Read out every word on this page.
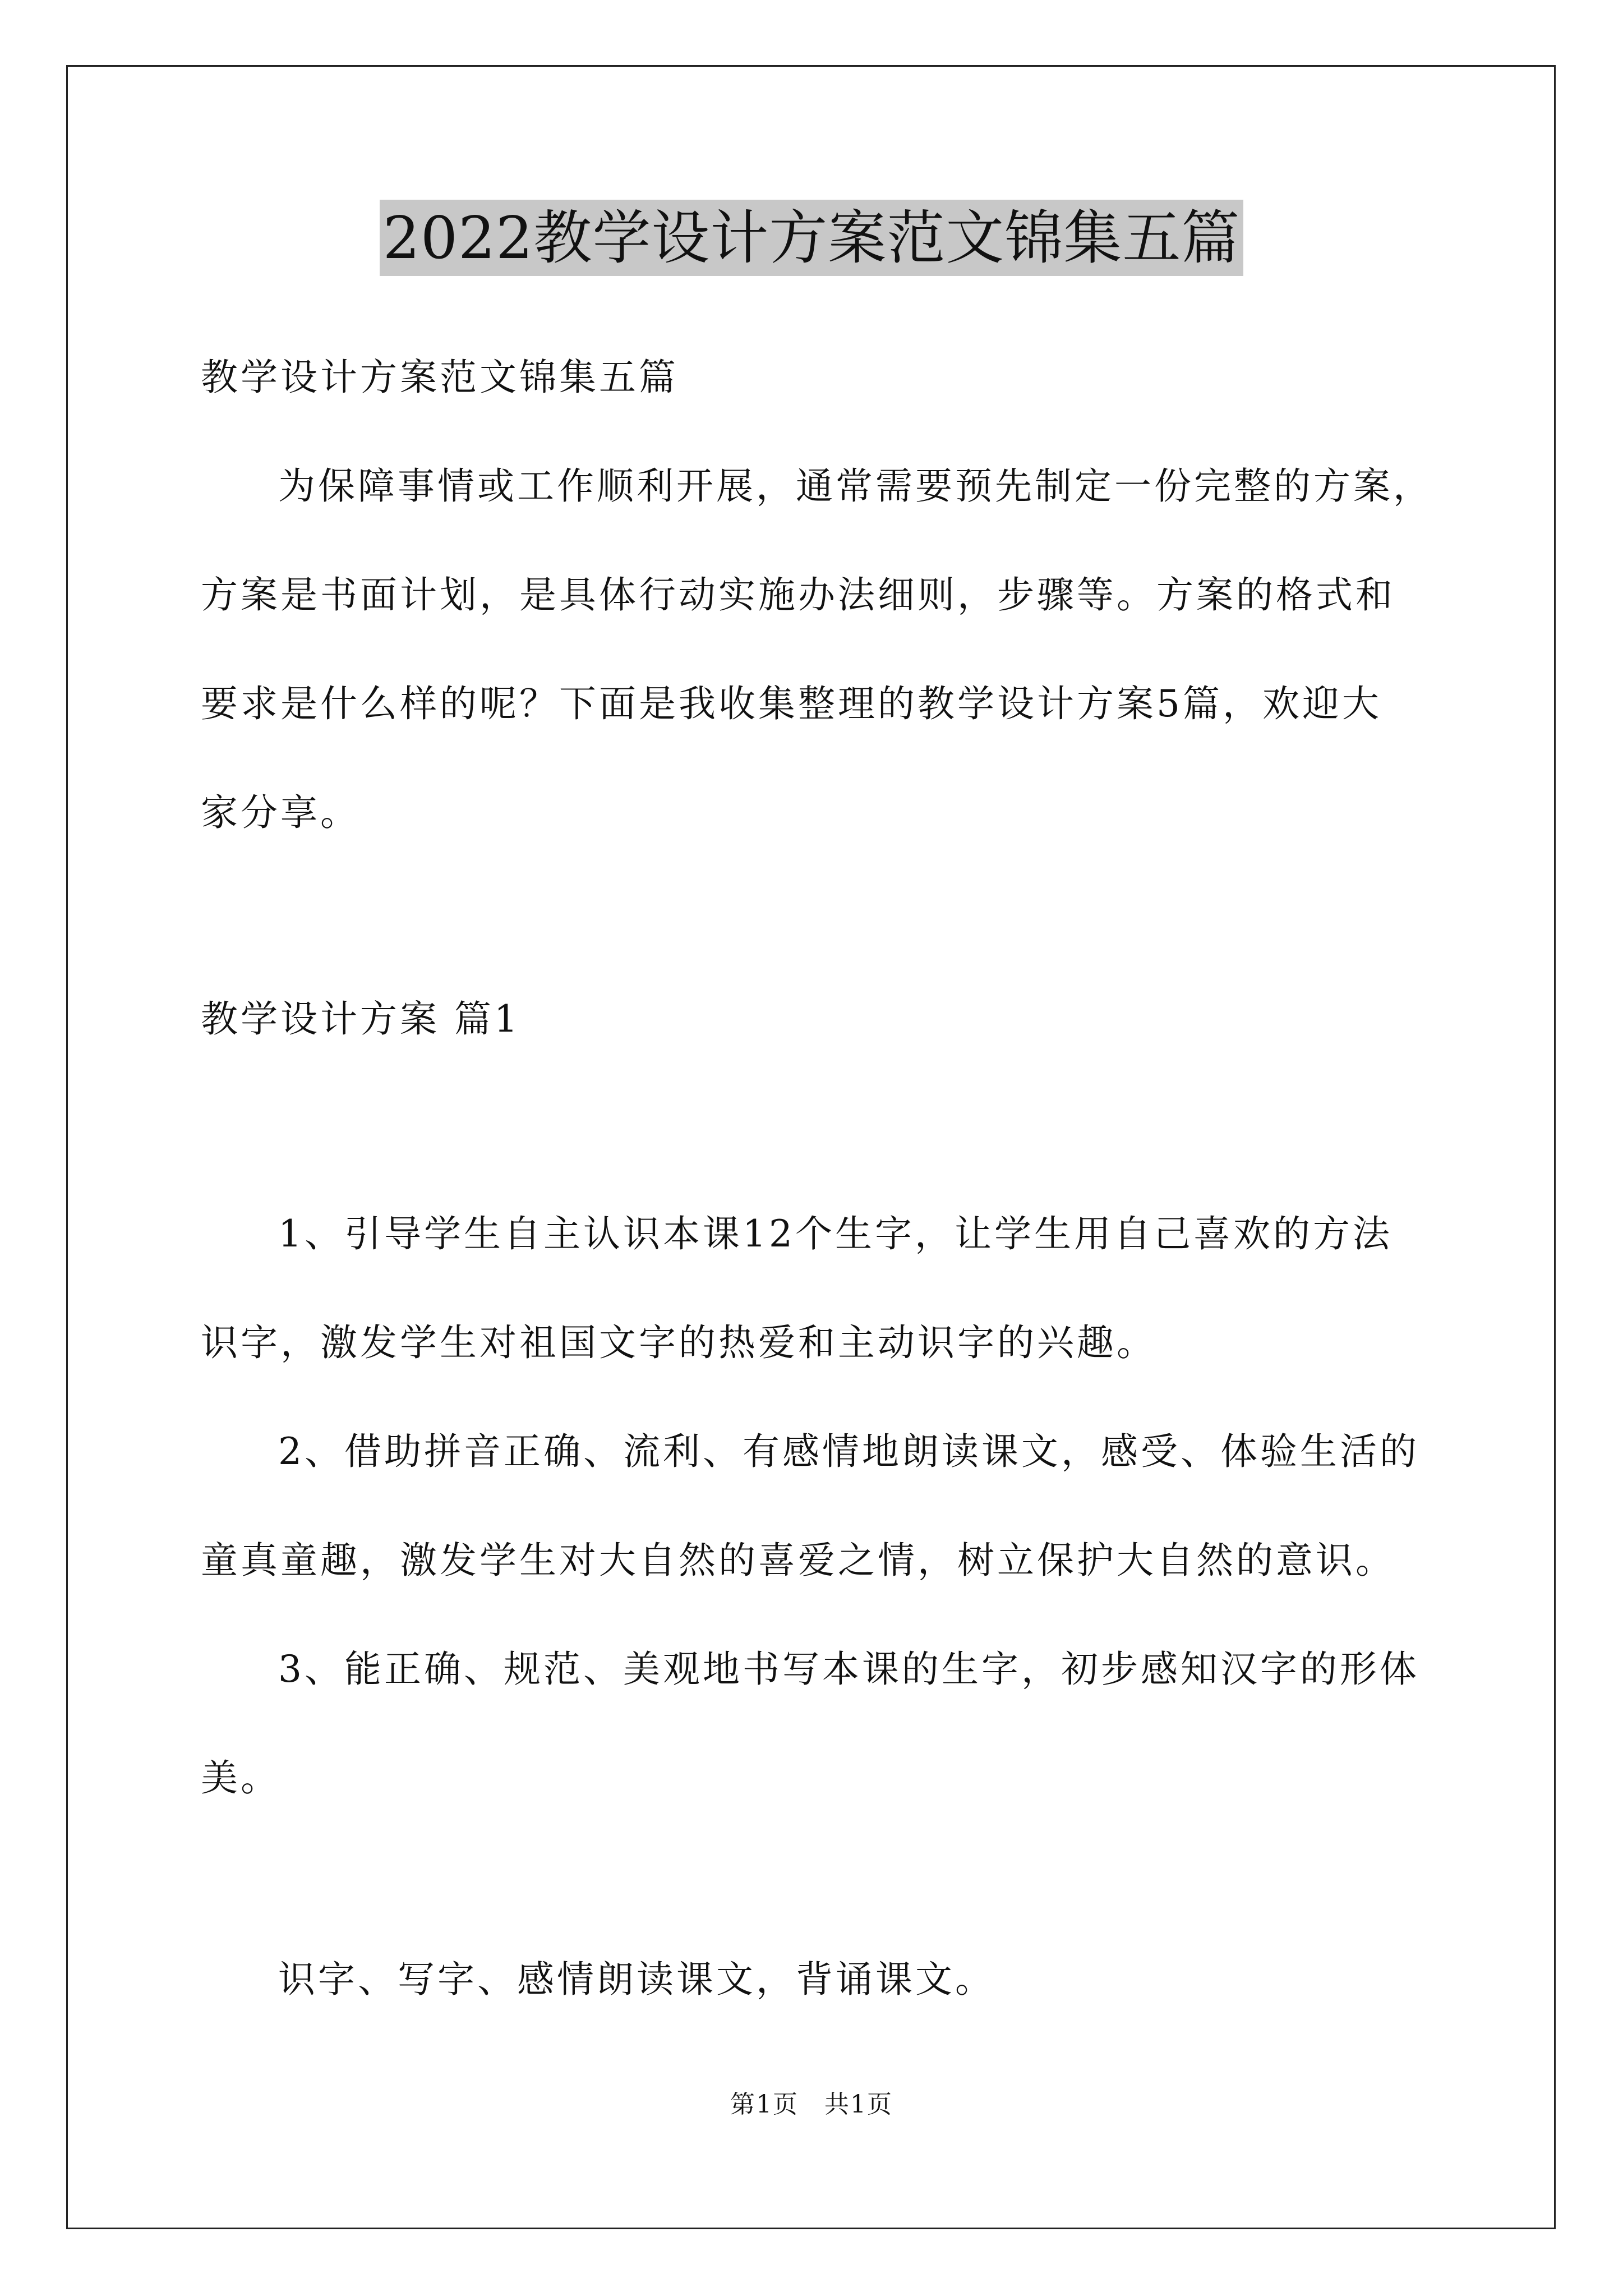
2022教学设计方案范文锦集五篇
教学设计方案范文锦集五篇
为保障事情或工作顺利开展，通常需要预先制定一份完整的方案，
方案是书面计划，是具体行动实施办法细则，步骤等。方案的格式和
要求是什么样的呢？下面是我收集整理的教学设计方案5篇，欢迎大
家分享。
教学设计方案 篇1
1、引导学生自主认识本课12个生字，让学生用自己喜欢的方法
识字，激发学生对祖国文字的热爱和主动识字的兴趣。
2、借助拼音正确、流利、有感情地朗读课文，感受、体验生活的
童真童趣，激发学生对大自然的喜爱之情，树立保护大自然的意识。
3、能正确、规范、美观地书写本课的生字，初步感知汉字的形体
美。
识字、写字、感情朗读课文，背诵课文。
第1页　共1页
